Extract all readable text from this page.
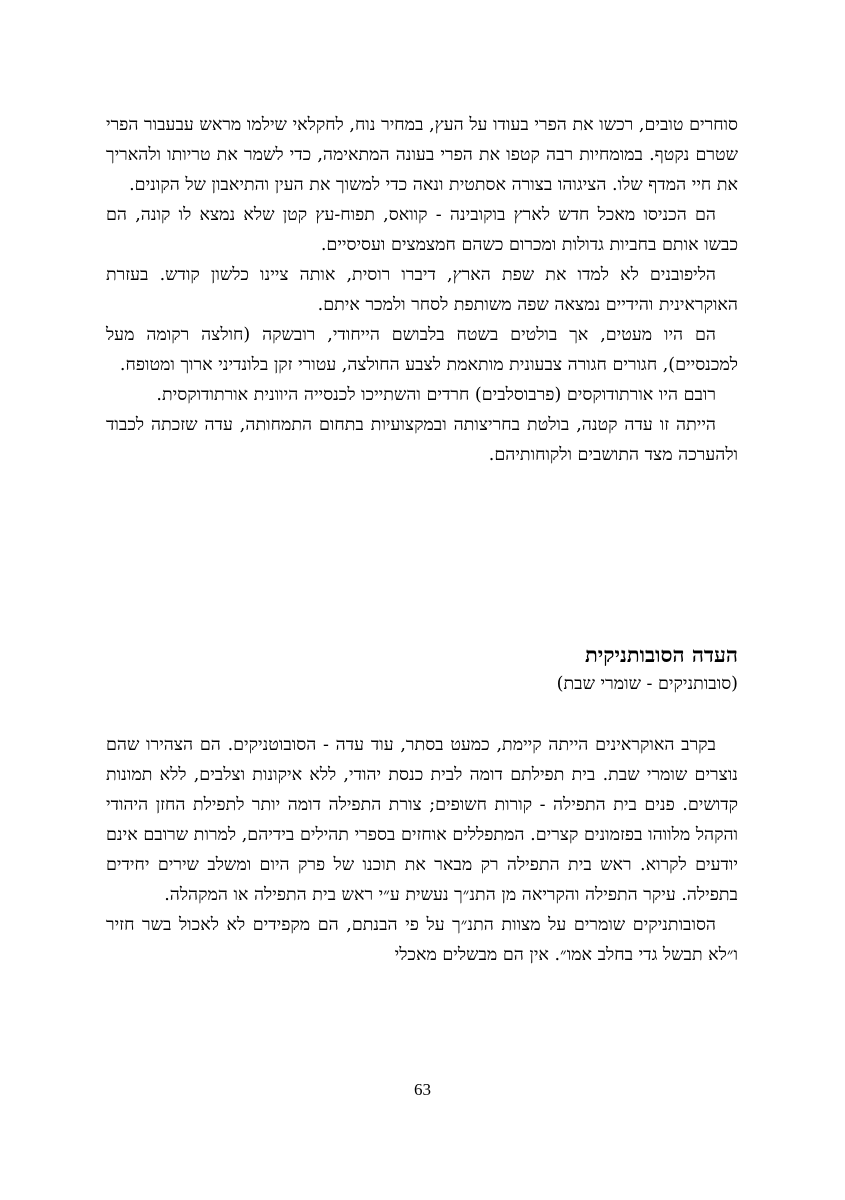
סוחרים טובים, רכשו את הפרי בעודו על העץ, במחיר נוח, לחקלאי שילמו מראש עבעבור הפרי שטרם נקטף. במומחיות רבה קטפו את הפרי בעונה המתאימה, כדי לשמר את טריותו ולהאריך את חיי המדף שלו. הציגוהו בצורה אסתטית ונאה כדי למשוך את העין והתיאבון של הקונים.

הם הכניסו מאכל חדש לארץ בוקובינה - קוואס, תפוח-עץ קטן שלא נמצא לו קונה, הם כבשו אותם בחביות גדולות ומכרום כשהם חמצמצים ועסיסיים.

הליפובנים לא למדו את שפת הארץ, דיברו רוסית, אותה ציינו כלשון קודש. בעזרת האוקראינית והידיים נמצאה שפה משותפת לסחר ולמכר איתם.

הם היו מעטים, אך בולטים בשטח בלבושם הייחודי, רובשקה (חולצה רקומה מעל למכנסיים), חגורים חגורה צבעונית מותאמת לצבע החולצה, עטורי זקן בלונדיני ארוך ומטופח.

רובם היו אורתודוקסים (פרבוסלבים) חרדים והשתייכו לכנסייה היוונית אורתודוקסית.

הייתה זו עדה קטנה, בולטת בחריצותה ובמקצועיות בתחום התמחותה, עדה שזכתה לכבוד ולהערכה מצד התושבים ולקוחותיהם.

העדה הסובותניקית

(סובותניקים - שומרי שבת)

בקרב האוקראינים הייתה קיימת, כמעט בסתר, עוד עדה - הסובוטניקים. הם הצהירו שהם נוצרים שומרי שבת. בית תפילתם דומה לבית כנסת יהודי, ללא איקונות וצלבים, ללא תמונות קדושים. פנים בית התפילה - קורות חשופים; צורת התפילה דומה יותר לתפילת החזן היהודי והקהל מלווהו בפזמונים קצרים. המתפללים אוחזים בספרי תהילים בידיהם, למרות שרובם אינם יודעים לקרוא. ראש בית התפילה רק מבאר את תוכנו של פרק היום ומשלב שירים יחידים בתפילה. עיקר התפילה והקריאה מן התנ״ך נעשית ע״י ראש בית התפילה או המקהלה.

הסובותניקים שומרים על מצוות התנ״ך על פי הבנתם, הם מקפידים לא לאכול בשר חזיר ו״לא תבשל גדי בחלב אמו״. אין הם מבשלים מאכלי

63
